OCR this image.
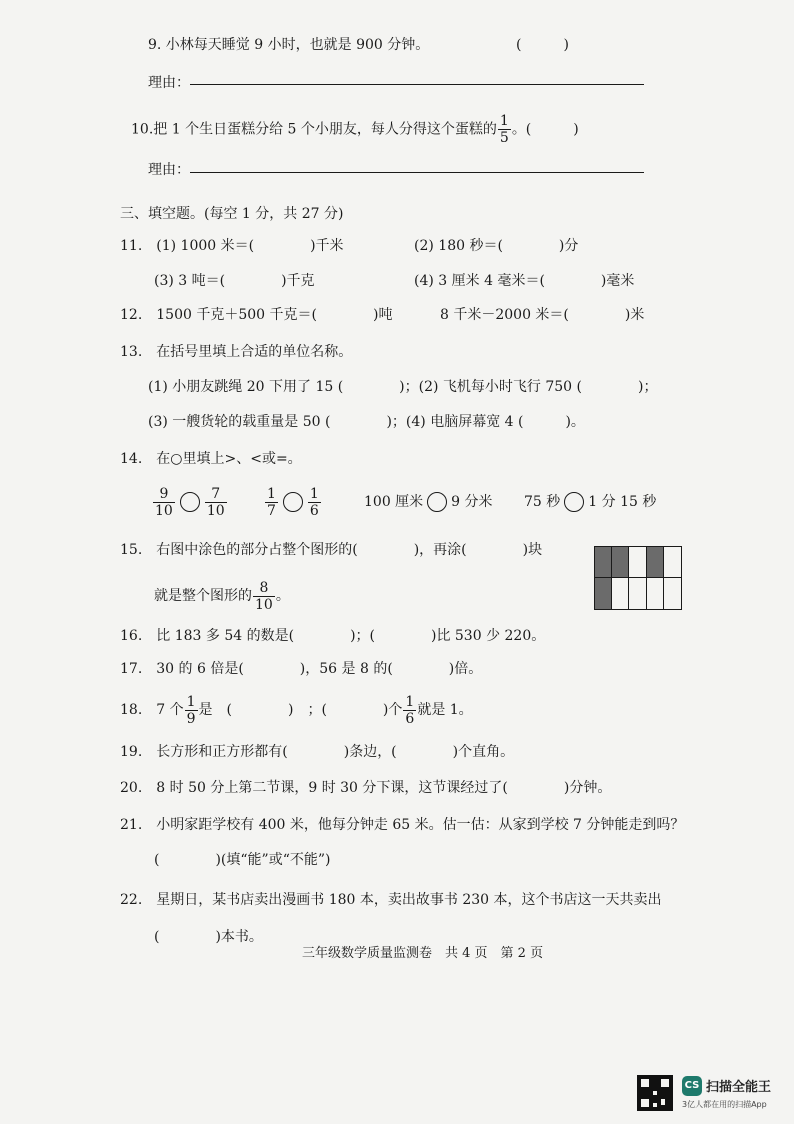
9. 小林每天睡觉 9 小时，也就是 900 分钟。	(　　　)
理由：
10.把 1 个生日蛋糕分给 5 个小朋友，每人分得这个蛋糕的 $\frac{1}{5}$ 。(　　　)
理由：
三、填空题。(每空 1 分，共 27 分)
11.　(1) 1000 米＝(　　　　)千米	(2) 180 秒＝(　　　　)分
(3) 3 吨＝(　　　　)千克	(4) 3 厘米 4 毫米＝(　　　　)毫米
12.　1500 千克＋500 千克＝(　　　　)吨	8 千米－2000 米＝(　　　　)米
13.　在括号里填上合适的单位名称。
(1) 小朋友跳绳 20 下用了 15 (　　　　)；(2) 飞机每小时飞行 750 (　　　　)；
(3) 一艘货轮的载重量是 50 (　　　　)；(4) 电脑屏幕宽 4 (　　　)。
14.　在○里填上>、<或=。
$\frac{9}{10} \frac{7}{10}$	$\frac{1}{7} \frac{1}{6}$	100 厘米 9 分米 75 秒 1 分 15 秒
15.　右图中涂色的部分占整个图形的(　　　　)，再涂(　　　　)块
就是整个图形的 $\frac{8}{10}$ 。
16.　比 183 多 54 的数是(　　　　)；(　　　　)比 530 少 220。
17.　30 的 6 倍是(　　　　)，56 是 8 的(　　　　)倍。
18.　7 个 $\frac{1}{9}$ 是　(　　　　)　；(　　　　)个 $\frac{1}{6}$ 就是 1。
19.　长方形和正方形都有(　　　　)条边，(　　　　)个直角。
20.　8 时 50 分上第二节课，9 时 30 分下课，这节课经过了(　　　　)分钟。
21.　小明家距学校有 400 米，他每分钟走 65 米。估一估：从家到学校 7 分钟能走到吗？
(　　　　)(填“能”或“不能”)
22.　星期日，某书店卖出漫画书 180 本，卖出故事书 230 本，这个书店这一天共卖出
(　　　　)本书。
三年级数学质量监测卷　共 4 页　第 2 页
CS 扫描全能王
3亿人都在用的扫描App
